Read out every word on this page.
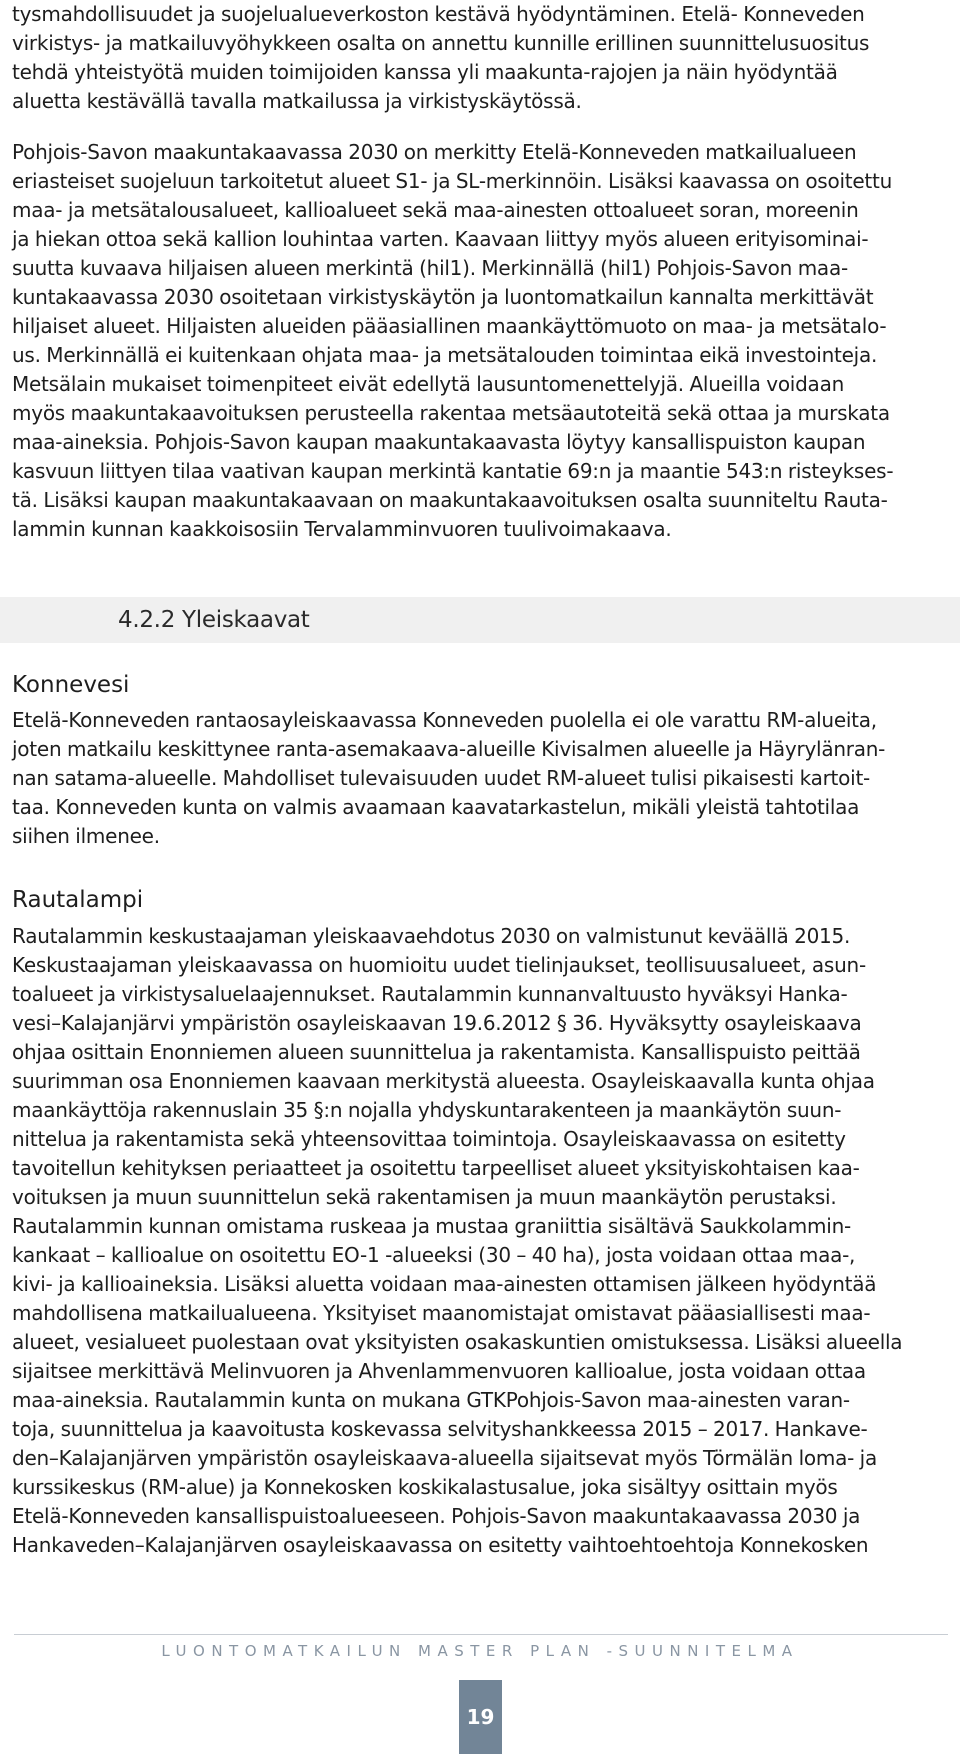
tysmahdollisuudet ja suojelualueverkoston kestävä hyödyntäminen. Etelä- Konneveden
virkistys- ja matkailuvyöhykkeen osalta on annettu kunnille erillinen suunnittelusuositus
tehdä yhteistyötä muiden toimijoiden kanssa yli maakunta-rajojen ja näin hyödyntää
aluetta kestävällä tavalla matkailussa ja virkistyskäytössä.
Pohjois-Savon maakuntakaavassa 2030 on merkitty Etelä-Konneveden matkailualueen
eriasteiset suojeluun tarkoitetut alueet S1- ja SL-merkinnöin. Lisäksi kaavassa on osoitettu
maa- ja metsätalousalueet, kallioalueet sekä maa-ainesten ottoalueet soran, moreenin
ja hiekan ottoa sekä kallion louhintaa varten. Kaavaan liittyy myös alueen erityisominai-
suutta kuvaava hiljaisen alueen merkintä (hil1). Merkinnällä (hil1) Pohjois-Savon maa-
kuntakaavassa 2030 osoitetaan virkistyskäytön ja luontomatkailun kannalta merkittävät
hiljaiset alueet. Hiljaisten alueiden pääasiallinen maankäyttömuoto on maa- ja metsätalo-
us. Merkinnällä ei kuitenkaan ohjata maa- ja metsätalouden toimintaa eikä investointeja.
Metsälain mukaiset toimenpiteet eivät edellytä lausuntomenettelyjä. Alueilla voidaan
myös maakuntakaavoituksen perusteella rakentaa metsäautoteitä sekä ottaa ja murskata
maa-aineksia. Pohjois-Savon kaupan maakuntakaavasta löytyy kansallispuiston kaupan
kasvuun liittyen tilaa vaativan kaupan merkintä kantatie 69:n ja maantie 543:n risteykses-
tä. Lisäksi kaupan maakuntakaavaan on maakuntakaavoituksen osalta suunniteltu Rauta-
lammin kunnan kaakkoisosiin Tervalamminvuoren tuulivoimakaava.
4.2.2 Yleiskaavat
Konnevesi
Etelä-Konneveden rantaosayleiskaavassa Konneveden puolella ei ole varattu RM-alueita,
joten matkailu keskittynee ranta-asemakaava-alueille Kivisalmen alueelle ja Häyrylänran-
nan satama-alueelle. Mahdolliset tulevaisuuden uudet RM-alueet tulisi pikaisesti kartoit-
taa. Konneveden kunta on valmis avaamaan kaavatarkastelun, mikäli yleistä tahtotilaa
siihen ilmenee.
Rautalampi
Rautalammin keskustaajaman yleiskaavaehdotus 2030 on valmistunut keväällä 2015.
Keskustaajaman yleiskaavassa on huomioitu uudet tielinjaukset, teollisuusalueet, asun-
toalueet ja virkistysaluelaajennukset. Rautalammin kunnanvaltuusto hyväksyi Hanka-
vesi–Kalajanjärvi ympäristön osayleiskaavan 19.6.2012 § 36. Hyväksytty osayleiskaava
ohjaa osittain Enonniemen alueen suunnittelua ja rakentamista. Kansallispuisto peittää
suurimman osa Enonniemen kaavaan merkitystä alueesta. Osayleiskaavalla kunta ohjaa
maankäyttöja rakennuslain 35 §:n nojalla yhdyskuntarakenteen ja maankäytön suun-
nittelua ja rakentamista sekä yhteensovittaa toimintoja. Osayleiskaavassa on esitetty
tavoitellun kehityksen periaatteet ja osoitettu tarpeelliset alueet yksityiskohtaisen kaa-
voituksen ja muun suunnittelun sekä rakentamisen ja muun maankäytön perustaksi.
Rautalammin kunnan omistama ruskeaa ja mustaa graniittia sisältävä Saukkolammin-
kankaat – kallioalue on osoitettu EO-1 -alueeksi (30 – 40 ha), josta voidaan ottaa maa-,
kivi- ja kallioaineksia. Lisäksi aluetta voidaan maa-ainesten ottamisen jälkeen hyödyntää
mahdollisena matkailualueena. Yksityiset maanomistajat omistavat pääasiallisesti maa-
alueet, vesialueet puolestaan ovat yksityisten osakaskuntien omistuksessa. Lisäksi alueella
sijaitsee merkittävä Melinvuoren ja Ahvenlammenvuoren kallioalue, josta voidaan ottaa
maa-aineksia. Rautalammin kunta on mukana GTKPohjois-Savon maa-ainesten varan-
toja, suunnittelua ja kaavoitusta koskevassa selvityshankkeessa 2015 – 2017. Hankave-
den–Kalajanjärven ympäristön osayleiskaava-alueella sijaitsevat myös Törmälän loma- ja
kurssikeskus (RM-alue) ja Konnekosken koskikalastusalue, joka sisältyy osittain myös
Etelä-Konneveden kansallispuistoalueeseen. Pohjois-Savon maakuntakaavassa 2030 ja
Hankaveden–Kalajanjärven osayleiskaavassa on esitetty vaihtoehtoehtoja Konnekosken
LUONTOMATKAILUN MASTER PLAN -SUUNNITELMA
19
